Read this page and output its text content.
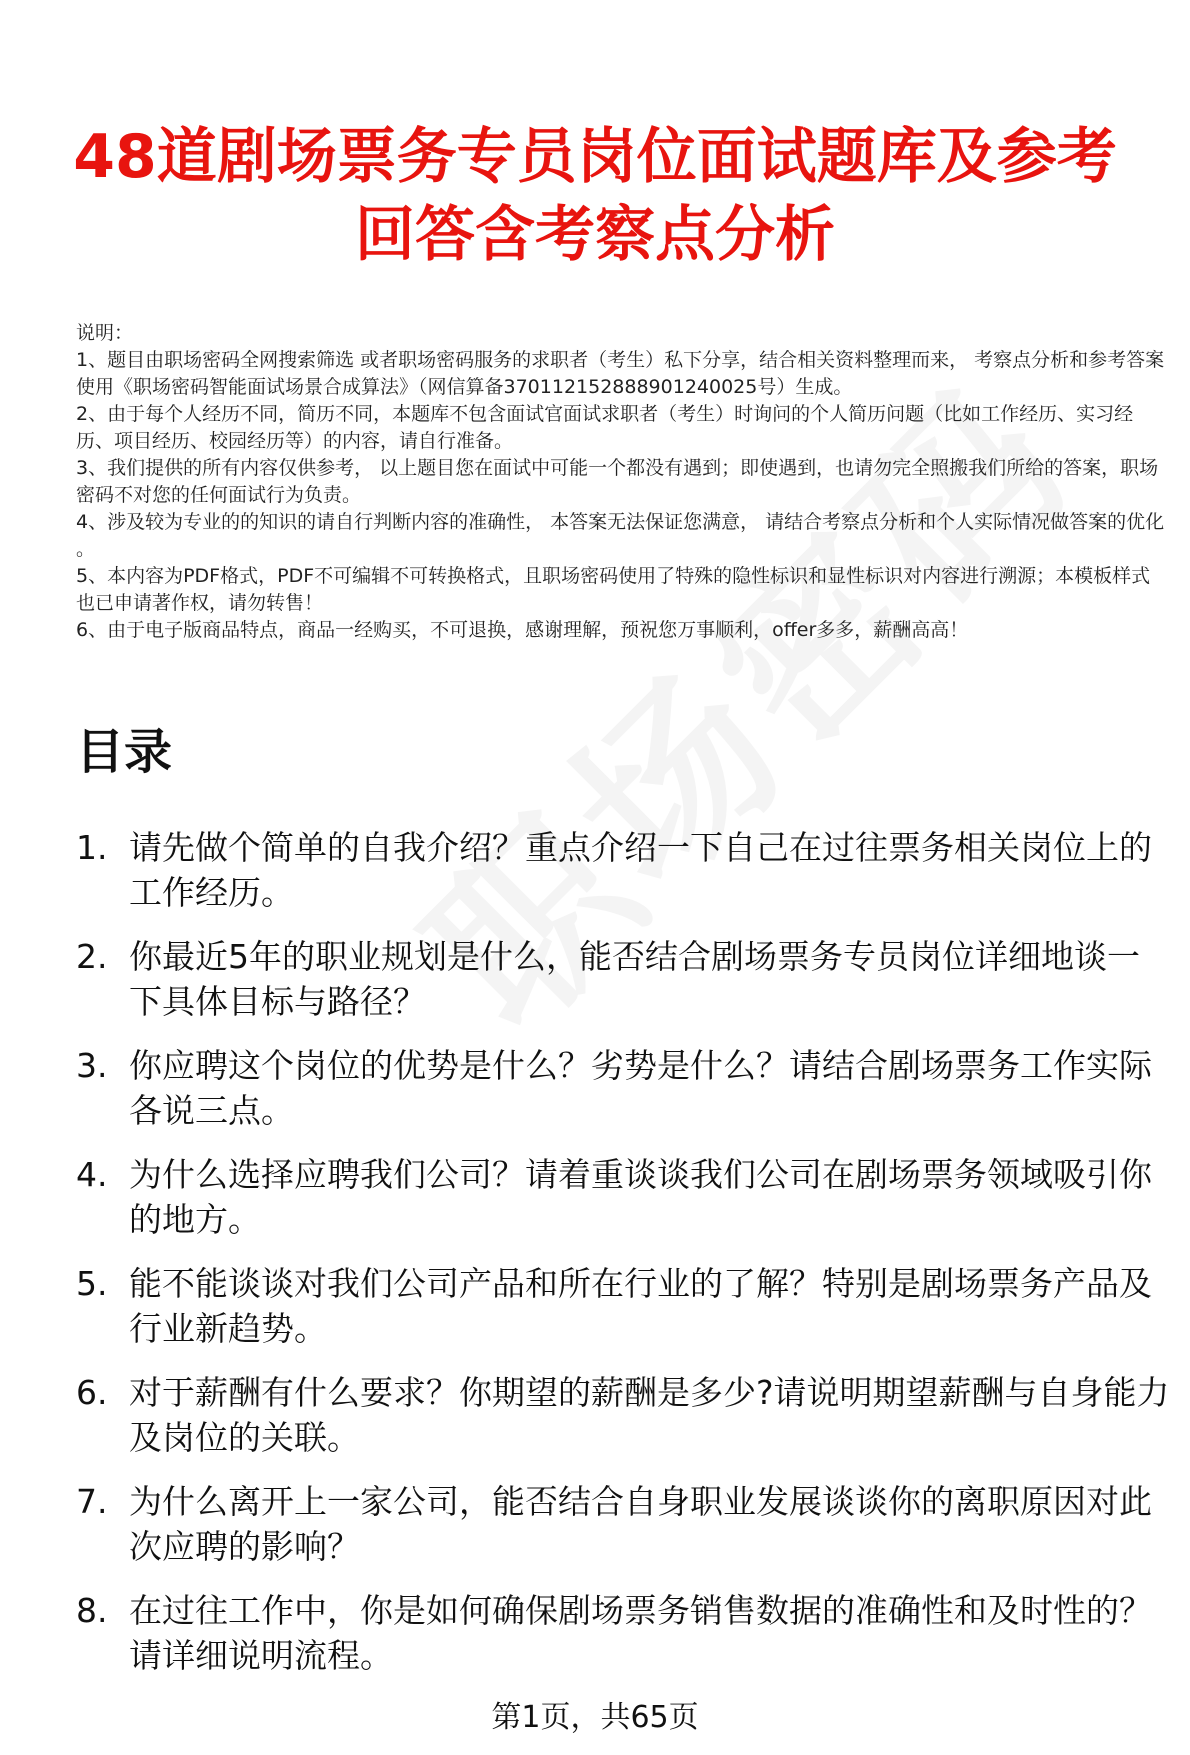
48道剧场票务专员岗位面试题库及参考回答含考察点分析

说明：

1、题目由职场密码全网搜索筛选 或者职场密码服务的求职者（考生）私下分享，结合相关资料整理而来， 考察点分析和参考答案使用《职场密码智能面试场景合成算法》（网信算备370112152888901240025号）生成。

2、由于每个人经历不同，简历不同，本题库不包含面试官面试求职者（考生）时询问的个人简历问题（比如工作经历、实习经历、项目经历、校园经历等）的内容，请自行准备。

3、我们提供的所有内容仅供参考， 以上题目您在面试中可能一个都没有遇到；即使遇到，也请勿完全照搬我们所给的答案，职场密码不对您的任何面试行为负责。

4、涉及较为专业的的知识的请自行判断内容的准确性， 本答案无法保证您满意， 请结合考察点分析和个人实际情况做答案的优化 。

5、本内容为PDF格式，PDF不可编辑不可转换格式，且职场密码使用了特殊的隐性标识和显性标识对内容进行溯源；本模板样式也已申请著作权，请勿转售！

6、由于电子版商品特点，商品一经购买，不可退换，感谢理解，预祝您万事顺利，offer多多，薪酬高高！

目录
1. 请先做个简单的自我介绍？重点介绍一下自己在过往票务相关岗位上的工作经历。
2. 你最近5年的职业规划是什么，能否结合剧场票务专员岗位详细地谈一下具体目标与路径？
3. 你应聘这个岗位的优势是什么？劣势是什么？请结合剧场票务工作实际各说三点。
4. 为什么选择应聘我们公司？请着重谈谈我们公司在剧场票务领域吸引你的地方。
5. 能不能谈谈对我们公司产品和所在行业的了解？特别是剧场票务产品及行业新趋势。
6. 对于薪酬有什么要求？你期望的薪酬是多少?请说明期望薪酬与自身能力及岗位的关联。
7. 为什么离开上一家公司，能否结合自身职业发展谈谈你的离职原因对此次应聘的影响？
8. 在过往工作中，你是如何确保剧场票务销售数据的准确性和及时性的？请详细说明流程。
第1页，共65页
